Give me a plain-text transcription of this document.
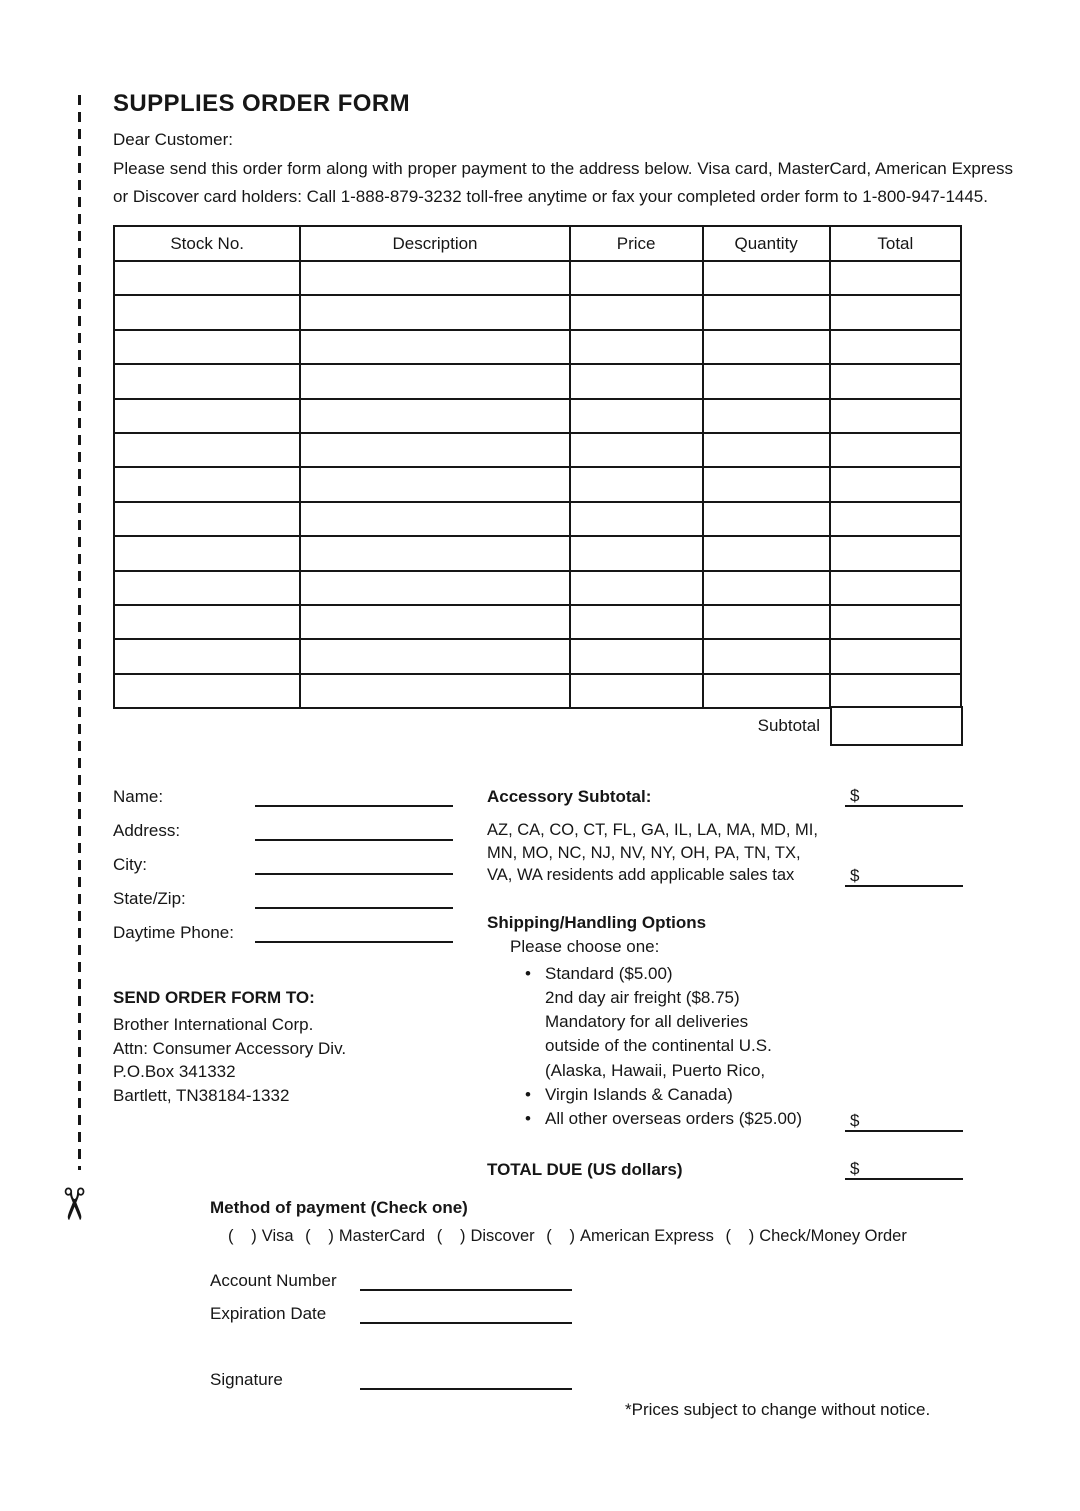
✂
SUPPLIES ORDER FORM

Dear Customer:

Please send this order form along with proper payment to the address below. Visa card, MasterCard, American Express or Discover card holders: Call 1-888-879-3232 toll-free anytime or fax your completed order form to 1-800-947-1445.

Stock No.	Description	Price	Quantity	Total

Subtotal
Name:
Address:
City:
State/Zip:
Daytime Phone:
SEND ORDER FORM TO:
Brother International Corp.
Attn: Consumer Accessory Div.
P.O.Box 341332
Bartlett, TN38184-1332
Accessory Subtotal:	$
AZ, CA, CO, CT, FL, GA, IL, LA, MA, MD, MI,
MN, MO, NC, NJ, NV, NY, OH, PA, TN, TX,
VA, WA residents add applicable sales tax	$
Shipping/Handling Options
Please choose one:
• Standard ($5.00)
•
2nd day air freight ($8.75)
Mandatory for all deliveries
outside of the continental U.S.
(Alaska, Hawaii, Puerto Rico,
Virgin Islands & Canada)
• All other overseas orders ($25.00)	$
TOTAL DUE (US dollars)	$
Method of payment (Check one)
(   ) Visa (   ) MasterCard (   ) Discover (   ) American Express (   ) Check/Money Order
Account Number
Expiration Date
Signature
*Prices subject to change without notice.
